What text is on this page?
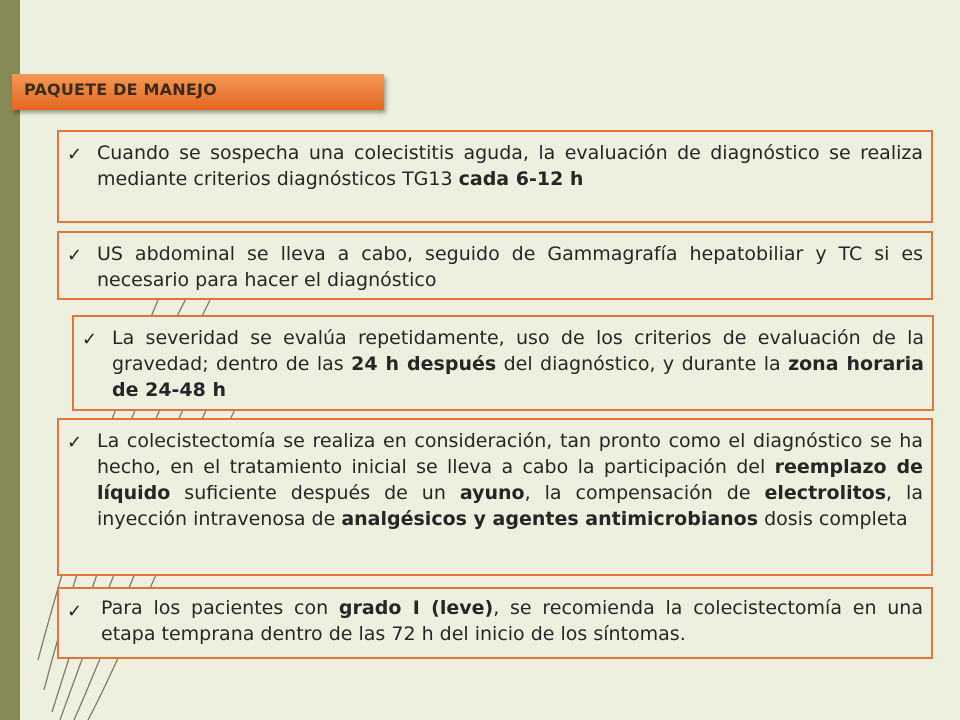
PAQUETE DE MANEJO
✓ Cuando se sospecha una colecistitis aguda, la evaluación de diagnóstico se realiza mediante criterios diagnósticos TG13 cada 6-12 h

✓ US abdominal se lleva a cabo, seguido de Gammagrafía hepatobiliar y TC si es necesario para hacer el diagnóstico

✓ La severidad se evalúa repetidamente, uso de los criterios de evaluación de la gravedad; dentro de las 24 h después del diagnóstico, y durante la zona horaria de 24-48 h

✓ La colecistectomía se realiza en consideración, tan pronto como el diagnóstico se ha hecho, en el tratamiento inicial se lleva a cabo la participación del reemplazo de líquido suficiente después de un ayuno, la compensación de electrolitos, la inyección intravenosa de analgésicos y agentes antimicrobianos dosis completa

✓ Para los pacientes con grado I (leve), se recomienda la colecistectomía en una etapa temprana dentro de las 72 h del inicio de los síntomas.
